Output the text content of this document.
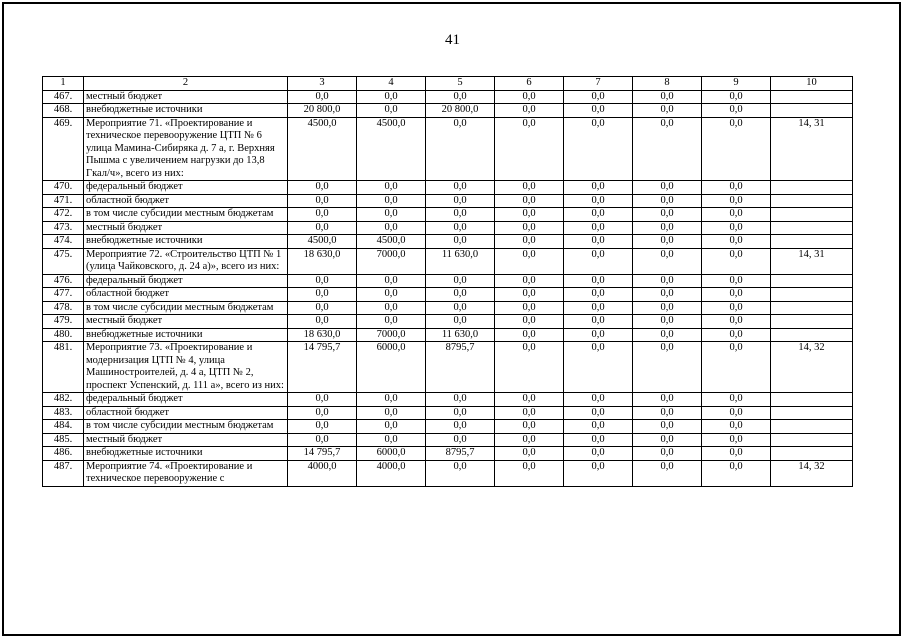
41
1	2	3	4	5	6	7	8	9	10
467.	местный бюджет	0,0	0,0	0,0	0,0	0,0	0,0	0,0	
468.	внебюджетные источники	20 800,0	0,0	20 800,0	0,0	0,0	0,0	0,0	
469.	Мероприятие 71. «Проектирование и техническое перевооружение ЦТП № 6 улица Мамина-Сибиряка д. 7 а, г. Верхняя Пышма с увеличением нагрузки до 13,8 Гкал/ч», всего из них:	4500,0	4500,0	0,0	0,0	0,0	0,0	0,0	14, 31
470.	федеральный бюджет	0,0	0,0	0,0	0,0	0,0	0,0	0,0	
471.	областной бюджет	0,0	0,0	0,0	0,0	0,0	0,0	0,0	
472.	в том числе субсидии местным бюджетам	0,0	0,0	0,0	0,0	0,0	0,0	0,0	
473.	местный бюджет	0,0	0,0	0,0	0,0	0,0	0,0	0,0	
474.	внебюджетные источники	4500,0	4500,0	0,0	0,0	0,0	0,0	0,0	
475.	Мероприятие 72. «Строительство ЦТП № 1 (улица Чайковского, д. 24 а)», всего из них:	18 630,0	7000,0	11 630,0	0,0	0,0	0,0	0,0	14, 31
476.	федеральный бюджет	0,0	0,0	0,0	0,0	0,0	0,0	0,0	
477.	областной бюджет	0,0	0,0	0,0	0,0	0,0	0,0	0,0	
478.	в том числе субсидии местным бюджетам	0,0	0,0	0,0	0,0	0,0	0,0	0,0	
479.	местный бюджет	0,0	0,0	0,0	0,0	0,0	0,0	0,0	
480.	внебюджетные источники	18 630,0	7000,0	11 630,0	0,0	0,0	0,0	0,0	
481.	Мероприятие 73. «Проектирование и модернизация ЦТП № 4, улица Машиностроителей, д. 4 а, ЦТП № 2, проспект Успенский, д. 111 а», всего из них:	14 795,7	6000,0	8795,7	0,0	0,0	0,0	0,0	14, 32
482.	федеральный бюджет	0,0	0,0	0,0	0,0	0,0	0,0	0,0	
483.	областной бюджет	0,0	0,0	0,0	0,0	0,0	0,0	0,0	
484.	в том числе субсидии местным бюджетам	0,0	0,0	0,0	0,0	0,0	0,0	0,0	
485.	местный бюджет	0,0	0,0	0,0	0,0	0,0	0,0	0,0	
486.	внебюджетные источники	14 795,7	6000,0	8795,7	0,0	0,0	0,0	0,0	
487.	Мероприятие 74. «Проектирование и техническое перевооружение с	4000,0	4000,0	0,0	0,0	0,0	0,0	0,0	14, 32
